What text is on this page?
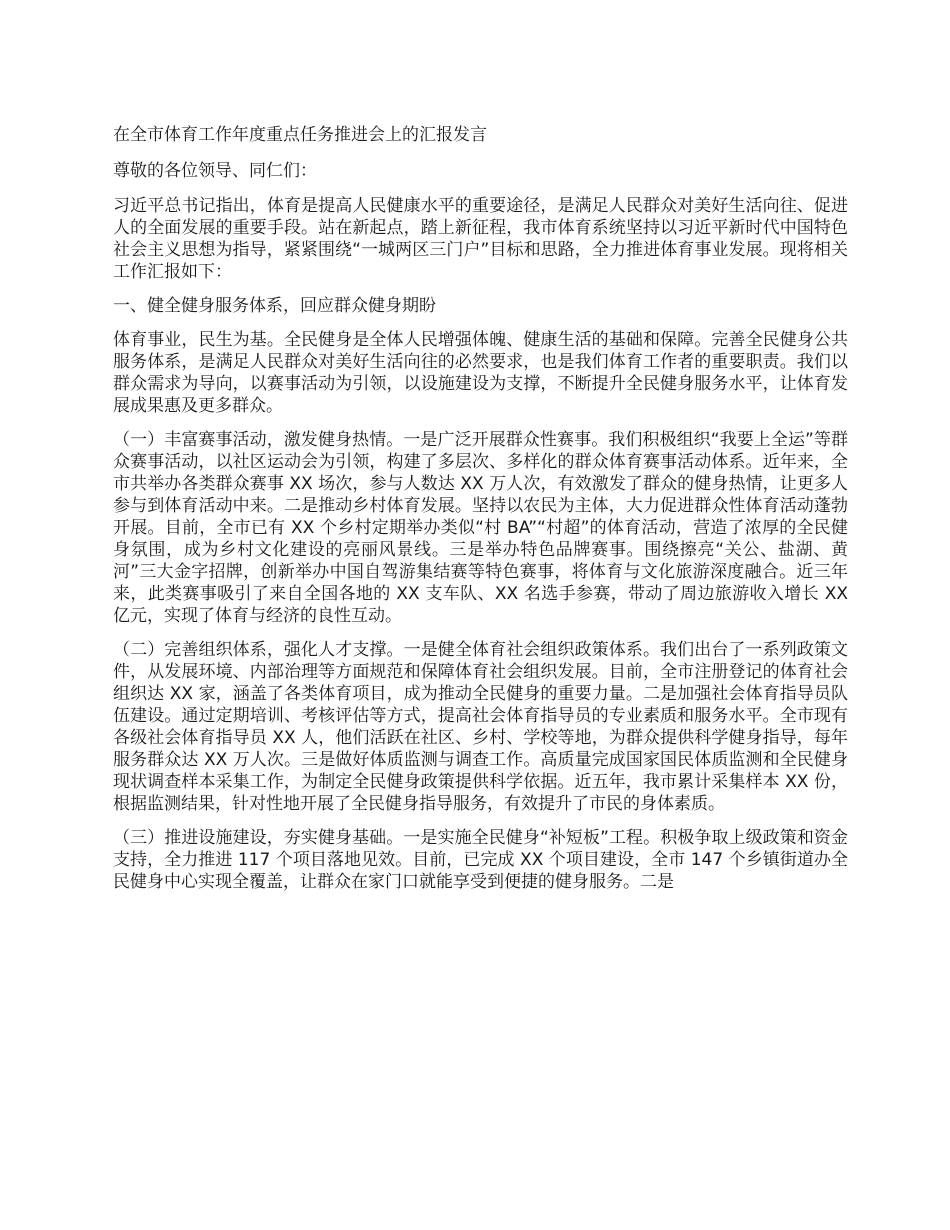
在全市体育工作年度重点任务推进会上的汇报发言

尊敬的各位领导、同仁们：

习近平总书记指出，体育是提高人民健康水平的重要途径，是满足人民群众对美好生活向往、促进人的全面发展的重要手段。站在新起点，踏上新征程，我市体育系统坚持以习近平新时代中国特色社会主义思想为指导，紧紧围绕“一城两区三门户”目标和思路，全力推进体育事业发展。现将相关工作汇报如下：

一、健全健身服务体系，回应群众健身期盼

体育事业，民生为基。全民健身是全体人民增强体魄、健康生活的基础和保障。完善全民健身公共服务体系，是满足人民群众对美好生活向往的必然要求，也是我们体育工作者的重要职责。我们以群众需求为导向，以赛事活动为引领，以设施建设为支撑，不断提升全民健身服务水平，让体育发展成果惠及更多群众。

（一）丰富赛事活动，激发健身热情。一是广泛开展群众性赛事。我们积极组织“我要上全运”等群众赛事活动，以社区运动会为引领，构建了多层次、多样化的群众体育赛事活动体系。近年来，全市共举办各类群众赛事 XX 场次，参与人数达 XX 万人次，有效激发了群众的健身热情，让更多人参与到体育活动中来。二是推动乡村体育发展。坚持以农民为主体，大力促进群众性体育活动蓬勃开展。目前，全市已有 XX 个乡村定期举办类似“村 BA”“村超”的体育活动，营造了浓厚的全民健身氛围，成为乡村文化建设的亮丽风景线。三是举办特色品牌赛事。围绕擦亮“关公、盐湖、黄河”三大金字招牌，创新举办中国自驾游集结赛等特色赛事，将体育与文化旅游深度融合。近三年来，此类赛事吸引了来自全国各地的 XX 支车队、XX 名选手参赛，带动了周边旅游收入增长 XX 亿元，实现了体育与经济的良性互动。

（二）完善组织体系，强化人才支撑。一是健全体育社会组织政策体系。我们出台了一系列政策文件，从发展环境、内部治理等方面规范和保障体育社会组织发展。目前，全市注册登记的体育社会组织达 XX 家，涵盖了各类体育项目，成为推动全民健身的重要力量。二是加强社会体育指导员队伍建设。通过定期培训、考核评估等方式，提高社会体育指导员的专业素质和服务水平。全市现有各级社会体育指导员 XX 人，他们活跃在社区、乡村、学校等地，为群众提供科学健身指导，每年服务群众达 XX 万人次。三是做好体质监测与调查工作。高质量完成国家国民体质监测和全民健身现状调查样本采集工作，为制定全民健身政策提供科学依据。近五年，我市累计采集样本 XX 份，根据监测结果，针对性地开展了全民健身指导服务，有效提升了市民的身体素质。

（三）推进设施建设，夯实健身基础。一是实施全民健身“补短板”工程。积极争取上级政策和资金支持，全力推进 117 个项目落地见效。目前，已完成 XX 个项目建设，全市 147 个乡镇街道办全民健身中心实现全覆盖，让群众在家门口就能享受到便捷的健身服务。二是
